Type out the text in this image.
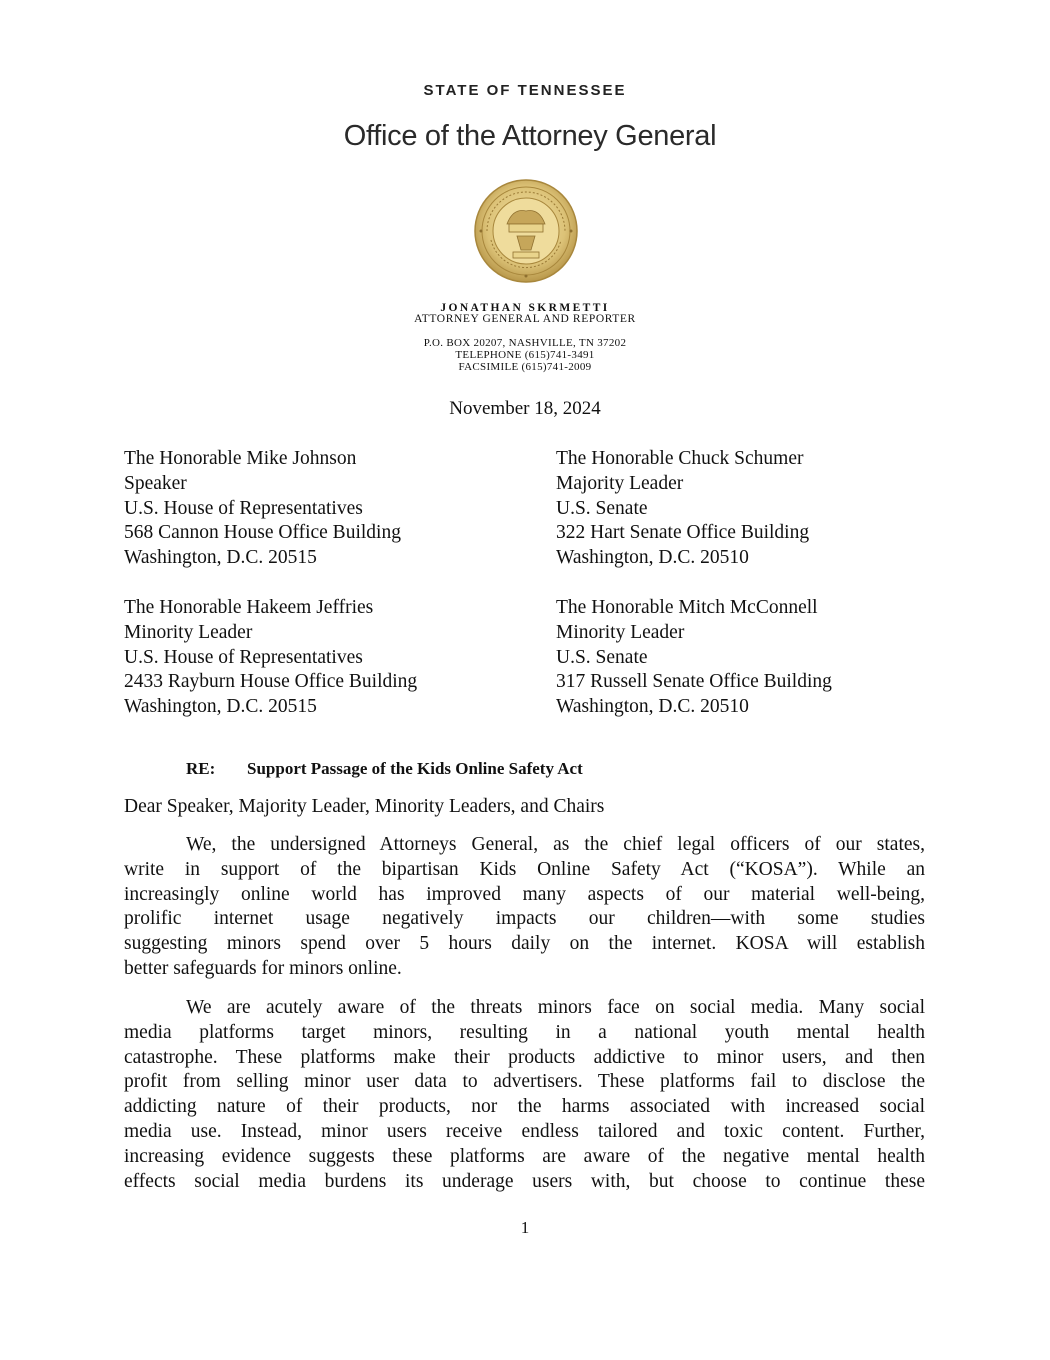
STATE OF TENNESSEE
Office of the Attorney General
JONATHAN SKRMETTI
ATTORNEY GENERAL AND REPORTER
P.O. BOX 20207, NASHVILLE, TN 37202
TELEPHONE (615)741-3491
FACSIMILE (615)741-2009
November 18, 2024
The Honorable Mike Johnson
Speaker
U.S. House of Representatives
568 Cannon House Office Building
Washington, D.C. 20515
The Honorable Chuck Schumer
Majority Leader
U.S. Senate
322 Hart Senate Office Building
Washington, D.C. 20510
The Honorable Hakeem Jeffries
Minority Leader
U.S. House of Representatives
2433 Rayburn House Office Building
Washington, D.C. 20515
The Honorable Mitch McConnell
Minority Leader
U.S. Senate
317 Russell Senate Office Building
Washington, D.C. 20510
RE: Support Passage of the Kids Online Safety Act
Dear Speaker, Majority Leader, Minority Leaders, and Chairs
We, the undersigned Attorneys General, as the chief legal officers of our states,
write in support of the bipartisan Kids Online Safety Act (“KOSA”). While an
increasingly online world has improved many aspects of our material well-being,
prolific internet usage negatively impacts our children—with some studies
suggesting minors spend over 5 hours daily on the internet. KOSA will establish
better safeguards for minors online.
We are acutely aware of the threats minors face on social media. Many social
media platforms target minors, resulting in a national youth mental health
catastrophe. These platforms make their products addictive to minor users, and then
profit from selling minor user data to advertisers. These platforms fail to disclose the
addicting nature of their products, nor the harms associated with increased social
media use. Instead, minor users receive endless tailored and toxic content. Further,
increasing evidence suggests these platforms are aware of the negative mental health
effects social media burdens its underage users with, but choose to continue these
1
